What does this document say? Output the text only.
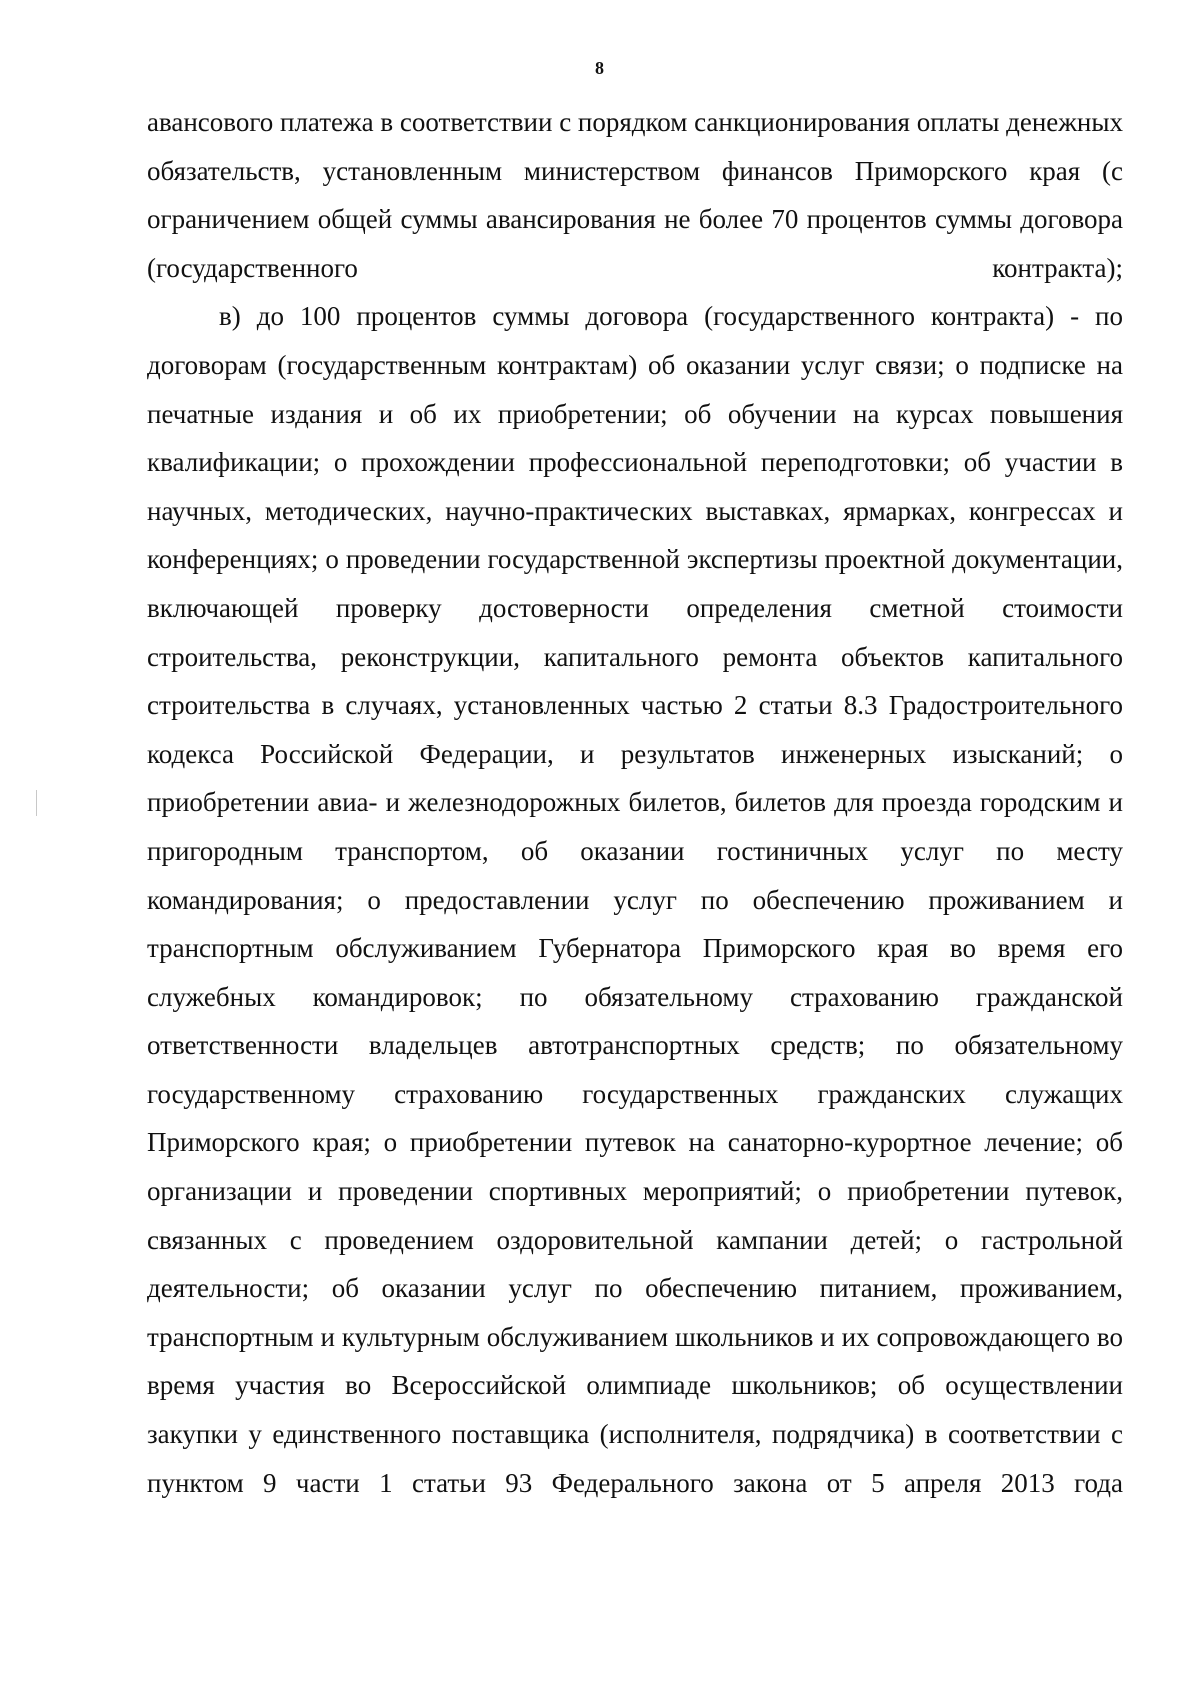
8

авансового платежа в соответствии с порядком санкционирования оплаты денежных обязательств, установленным министерством финансов Приморского края (с ограничением общей суммы авансирования не более 70 процентов суммы договора (государственного контракта);

в) до 100 процентов суммы договора (государственного контракта) - по договорам (государственным контрактам) об оказании услуг связи; о подписке на печатные издания и об их приобретении; об обучении на курсах повышения квалификации; о прохождении профессиональной переподготовки; об участии в научных, методических, научно-практических выставках, ярмарках, конгрессах и конференциях; о проведении государственной экспертизы проектной документации, включающей проверку достоверности определения сметной стоимости строительства, реконструкции, капитального ремонта объектов капитального строительства в случаях, установленных частью 2 статьи 8.3 Градостроительного кодекса Российской Федерации, и результатов инженерных изысканий; о приобретении авиа- и железнодорожных билетов, билетов для проезда городским и пригородным транспортом, об оказании гостиничных услуг по месту командирования; о предоставлении услуг по обеспечению проживанием и транспортным обслуживанием Губернатора Приморского края во время его служебных командировок; по обязательному страхованию гражданской ответственности владельцев автотранспортных средств; по обязательному государственному страхованию государственных гражданских служащих Приморского края; о приобретении путевок на санаторно-курортное лечение; об организации и проведении спортивных мероприятий; о приобретении путевок, связанных с проведением оздоровительной кампании детей; о гастрольной деятельности; об оказании услуг по обеспечению питанием, проживанием, транспортным и культурным обслуживанием школьников и их сопровождающего во время участия во Всероссийской олимпиаде школьников; об осуществлении закупки у единственного поставщика (исполнителя, подрядчика) в соответствии с пунктом 9 части 1 статьи 93 Федерального закона от 5 апреля 2013 года
